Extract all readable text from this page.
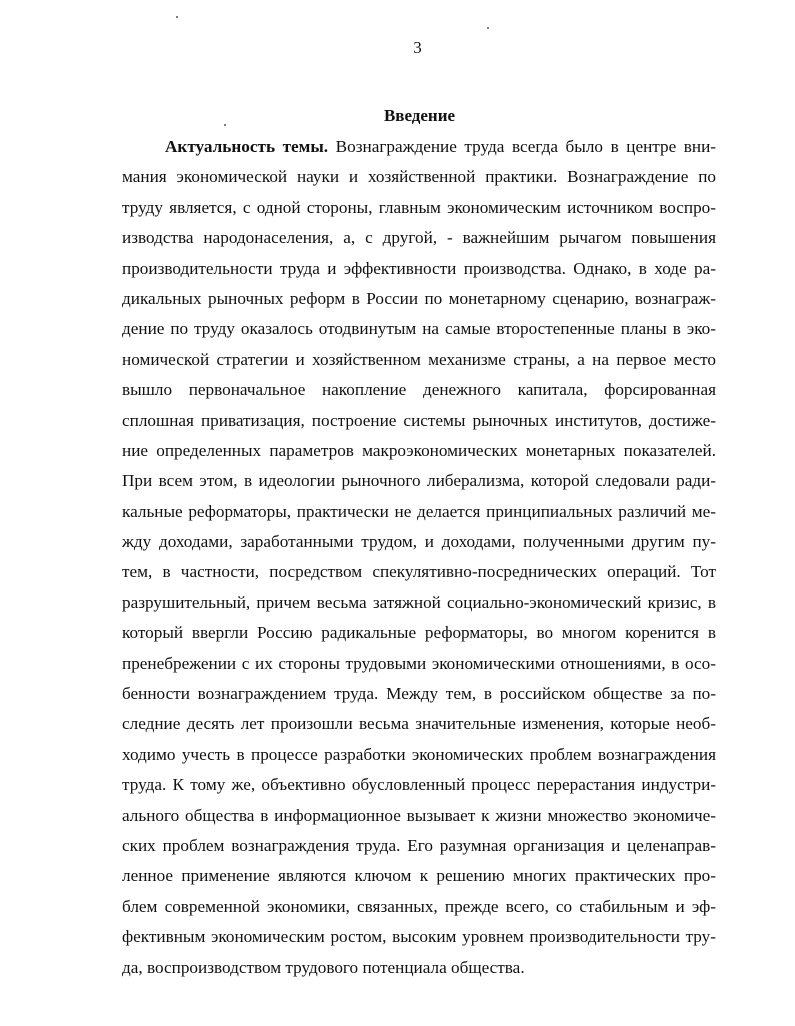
3
Введение
Актуальность темы. Вознаграждение труда всегда было в центре вни-
мания экономической науки и хозяйственной практики. Вознаграждение по
труду является, с одной стороны, главным экономическим источником воспро-
изводства народонаселения, а, с другой, - важнейшим рычагом повышения
производительности труда и эффективности производства. Однако, в ходе ра-
дикальных рыночных реформ в России по монетарному сценарию, вознаграж-
дение по труду оказалось отодвинутым на самые второстепенные планы в эко-
номической стратегии и хозяйственном механизме страны, а на первое место
вышло первоначальное накопление денежного капитала, форсированная
сплошная приватизация, построение системы рыночных институтов, достиже-
ние определенных параметров макроэкономических монетарных показателей.
При всем этом, в идеологии рыночного либерализма, которой следовали ради-
кальные реформаторы, практически не делается принципиальных различий ме-
жду доходами, заработанными трудом, и доходами, полученными другим пу-
тем, в частности, посредством спекулятивно-посреднических операций. Тот
разрушительный, причем весьма затяжной социально-экономический кризис, в
который ввергли Россию радикальные реформаторы, во многом коренится в
пренебрежении с их стороны трудовыми экономическими отношениями, в осо-
бенности вознаграждением труда. Между тем, в российском обществе за по-
следние десять лет произошли весьма значительные изменения, которые необ-
ходимо учесть в процессе разработки экономических проблем вознаграждения
труда. К тому же, объективно обусловленный процесс перерастания индустри-
ального общества в информационное вызывает к жизни множество экономиче-
ских проблем вознаграждения труда. Его разумная организация и целенаправ-
ленное применение являются ключом к решению многих практических про-
блем современной экономики, связанных, прежде всего, со стабильным и эф-
фективным экономическим ростом, высоким уровнем производительности тру-
да, воспроизводством трудового потенциала общества.
